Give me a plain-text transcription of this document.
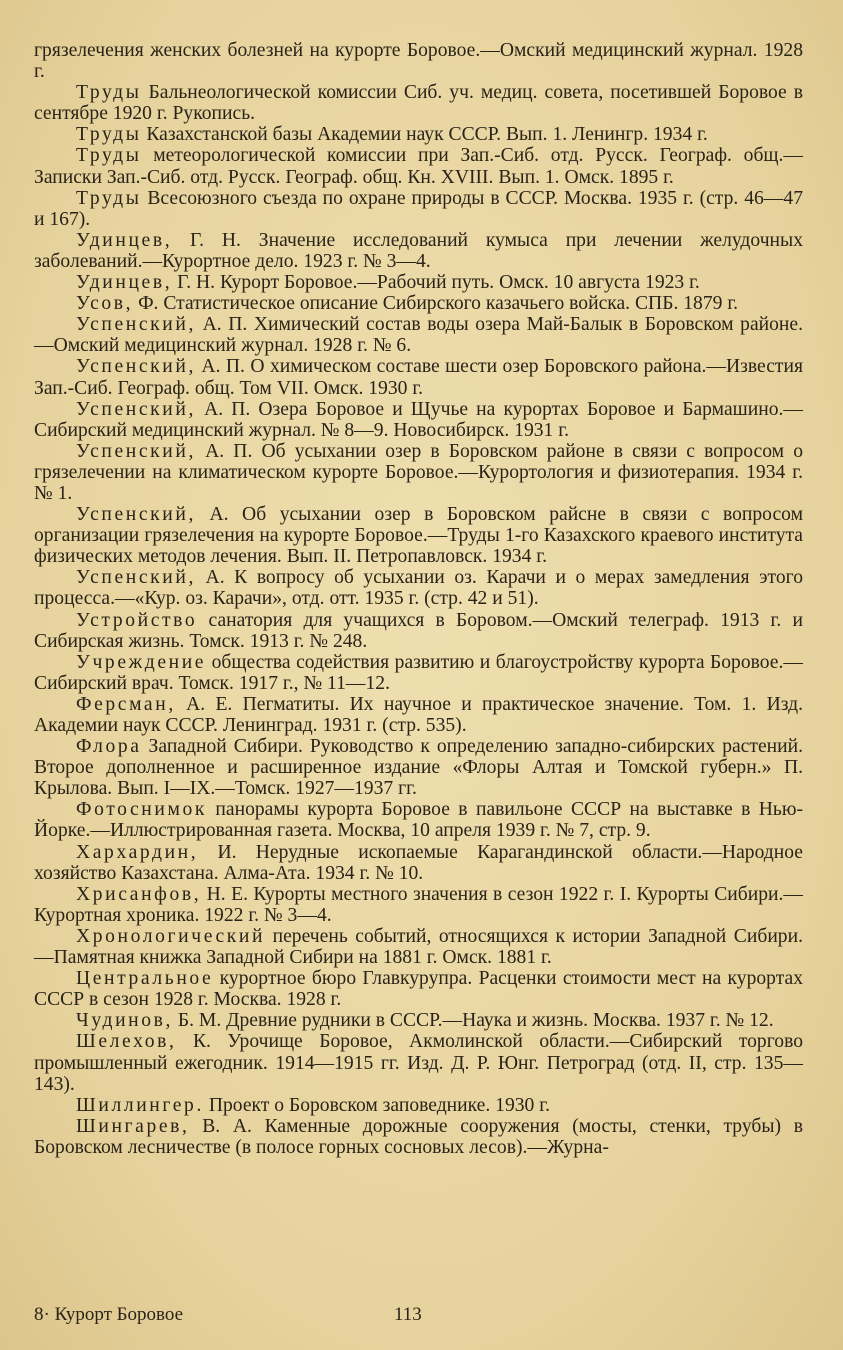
грязелечения женских болезней на курорте Боровое.—Омский медицинский журнал. 1928 г.

Труды Бальнеологической комиссии Сиб. уч. медиц. совета, посетившей Боровое в сентябре 1920 г. Рукопись.

Труды Казахстанской базы Академии наук СССР. Вып. 1. Ленингр. 1934 г.

Труды метеорологической комиссии при Зап.-Сиб. отд. Русск. Географ. общ.— Записки Зап.-Сиб. отд. Русск. Географ. общ. Кн. XVIII. Вып. 1. Омск. 1895 г.

Труды Всесоюзного съезда по охране природы в СССР. Москва. 1935 г. (стр. 46—47 и 167).

Удинцев, Г. Н. Значение исследований кумыса при лечении желудочных заболеваний.—Курортное дело. 1923 г. № 3—4.

Удинцев, Г. Н. Курорт Боровое.—Рабочий путь. Омск. 10 августа 1923 г.

Усов, Ф. Статистическое описание Сибирского казачьего войска. СПБ. 1879 г.

Успенский, А. П. Химический состав воды озера Май-Балык в Боровском районе.—Омский медицинский журнал. 1928 г. № 6.

Успенский, А. П. О химическом составе шести озер Боровского района.—Известия Зап.-Сиб. Географ. общ. Том VII. Омск. 1930 г.

Успенский, А. П. Озера Боровое и Щучье на курортах Боровое и Бармашино.—Сибирский медицинский журнал. № 8—9. Новосибирск. 1931 г.

Успенский, А. П. Об усыхании озер в Боровском районе в связи с вопросом о грязелечении на климатическом курорте Боровое.—Курортология и физиотерапия. 1934 г. № 1.

Успенский, А. Об усыхании озер в Боровском райсне в связи с вопросом организации грязелечения на курорте Боровое.—Труды 1-го Казахского краевого института физических методов лечения. Вып. II. Петропавловск. 1934 г.

Успенский, А. К вопросу об усыхании оз. Карачи и о мерах замедления этого процесса.—«Кур. оз. Карачи», отд. отт. 1935 г. (стр. 42 и 51).

Устройство санатория для учащихся в Боровом.—Омский телеграф. 1913 г. и Сибирская жизнь. Томск. 1913 г. № 248.

Учреждение общества содействия развитию и благоустройству курорта Боровое.—Сибирский врач. Томск. 1917 г., № 11—12.

Ферсман, А. Е. Пегматиты. Их научное и практическое значение. Том. 1. Изд. Академии наук СССР. Ленинград. 1931 г. (стр. 535).

Флора Западной Сибири. Руководство к определению западно-сибирских растений. Второе дополненное и расширенное издание «Флоры Алтая и Томской губерн.» П. Крылова. Вып. I—IX.—Томск. 1927—1937 гг.

Фотоснимок панорамы курорта Боровое в павильоне СССР на выставке в Нью-Йорке.—Иллюстрированная газета. Москва, 10 апреля 1939 г. № 7, стр. 9.

Хархардин, И. Нерудные ископаемые Карагандинской области.—Народное хозяйство Казахстана. Алма-Ата. 1934 г. № 10.

Хрисанфов, Н. Е. Курорты местного значения в сезон 1922 г. I. Курорты Сибири.—Курортная хроника. 1922 г. № 3—4.

Хронологический перечень событий, относящихся к истории Западной Сибири.—Памятная книжка Западной Сибири на 1881 г. Омск. 1881 г.

Центральное курортное бюро Главкурупра. Расценки стоимости мест на курортах СССР в сезон 1928 г. Москва. 1928 г.

Чудинов, Б. М. Древние рудники в СССР.—Наука и жизнь. Москва. 1937 г. № 12.

Шелехов, К. Урочище Боровое, Акмолинской области.—Сибирский торгово промышленный ежегодник. 1914—1915 гг. Изд. Д. Р. Юнг. Петроград (отд. II, стр. 135—143).

Шиллингер. Проект о Боровском заповеднике. 1930 г.

Шингарев, В. А. Каменные дорожные сооружения (мосты, стенки, трубы) в Боровском лесничестве (в полосе горных сосновых лесов).—Журна-

8· Курорт Боровое	113
